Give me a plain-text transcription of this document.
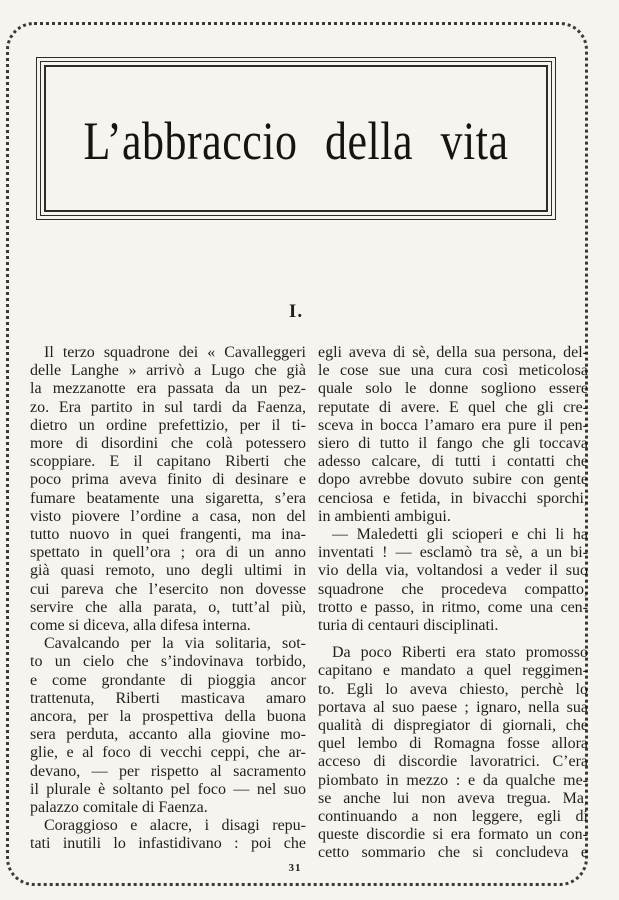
L’abbraccio della vita
I.
Il terzo squadrone dei « Cavalleggeri
delle Langhe » arrivò a Lugo che già
la mezzanotte era passata da un pez-
zo. Era partito in sul tardi da Faenza,
dietro un ordine prefettizio, per il ti-
more di disordini che colà potessero
scoppiare. E il capitano Riberti che
poco prima aveva finito di desinare e
fumare beatamente una sigaretta, s’era
visto piovere l’ordine a casa, non del
tutto nuovo in quei frangenti, ma ina-
spettato in quell’ora ; ora di un anno
già quasi remoto, uno degli ultimi in
cui pareva che l’esercito non dovesse
servire che alla parata, o, tutt’al più,
come si diceva, alla difesa interna.
Cavalcando per la via solitaria, sot-
to un cielo che s’indovinava torbido,
e come grondante di pioggia ancor
trattenuta, Riberti masticava amaro
ancora, per la prospettiva della buona
sera perduta, accanto alla giovine mo-
glie, e al foco di vecchi ceppi, che ar-
devano, — per rispetto al sacramento
il plurale è soltanto pel foco — nel suo
palazzo comitale di Faenza.
Coraggioso e alacre, i disagi repu-
tati inutili lo infastidivano : poi che
egli aveva di sè, della sua persona, del-
le cose sue una cura così meticolosa
quale solo le donne sogliono essere
reputate di avere. E quel che gli cre-
sceva in bocca l’amaro era pure il pen-
siero di tutto il fango che gli toccava
adesso calcare, di tutti i contatti che
dopo avrebbe dovuto subire con gente
cenciosa e fetida, in bivacchi sporchi,
in ambienti ambigui.
— Maledetti gli scioperi e chi li ha
inventati ! — esclamò tra sè, a un bi-
vio della via, voltandosi a veder il suo
squadrone che procedeva compatto,
trotto e passo, in ritmo, come una cen-
turia di centauri disciplinati.
Da poco Riberti era stato promosso
capitano e mandato a quel reggimen-
to. Egli lo aveva chiesto, perchè lo
portava al suo paese ; ignaro, nella sua
qualità di dispregiator di giornali, che
quel lembo di Romagna fosse allora
acceso di discordie lavoratrici. C’era
piombato in mezzo : e da qualche me-
se anche lui non aveva tregua. Ma,
continuando a non leggere, egli di
queste discordie si era formato un con-
cetto sommario che si concludeva e
31
